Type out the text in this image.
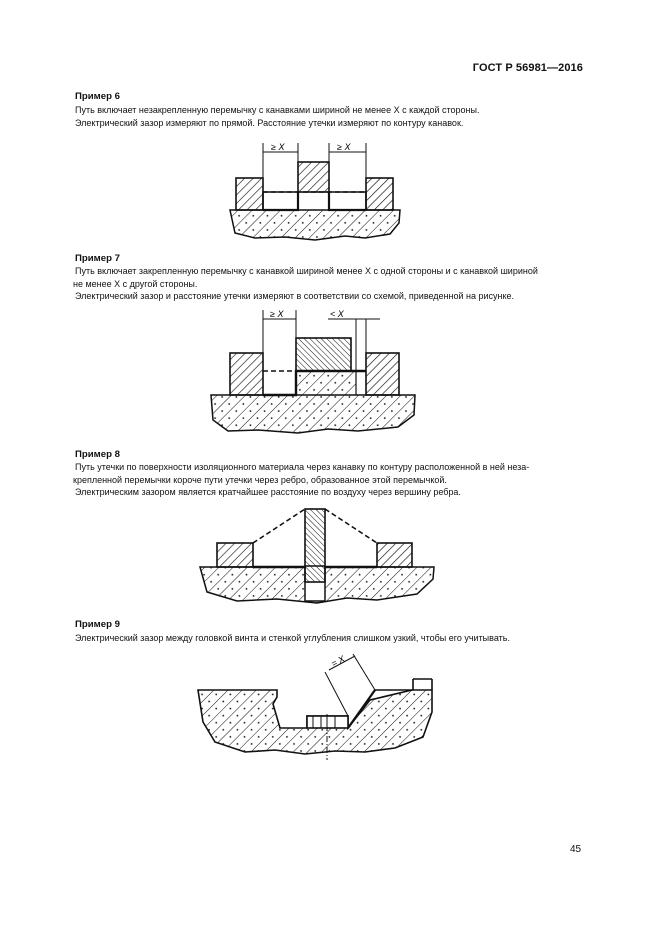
ГОСТ Р 56981—2016
Пример 6
Путь включает незакрепленную перемычку с канавками шириной не менее X с каждой стороны.
Электрический зазор измеряют по прямой. Расстояние утечки измеряют по контуру канавок.
≥ X	≥ X
Пример 7
Путь включает закрепленную перемычку с канавкой шириной менее X с одной стороны и с канавкой шириной
не менее X с другой стороны.
Электрический зазор и расстояние утечки измеряют в соответствии со схемой, приведенной на рисунке.
≥ X	< X
Пример 8
Путь утечки по поверхности изоляционного материала через канавку по контуру расположенной в ней неза-
крепленной перемычки короче пути утечки через ребро, образованное этой перемычкой.
Электрическим зазором является кратчайшее расстояние по воздуху через вершину ребра.
Пример 9
Электрический зазор между головкой винта и стенкой углубления слишком узкий, чтобы его учитывать.
= X
45
